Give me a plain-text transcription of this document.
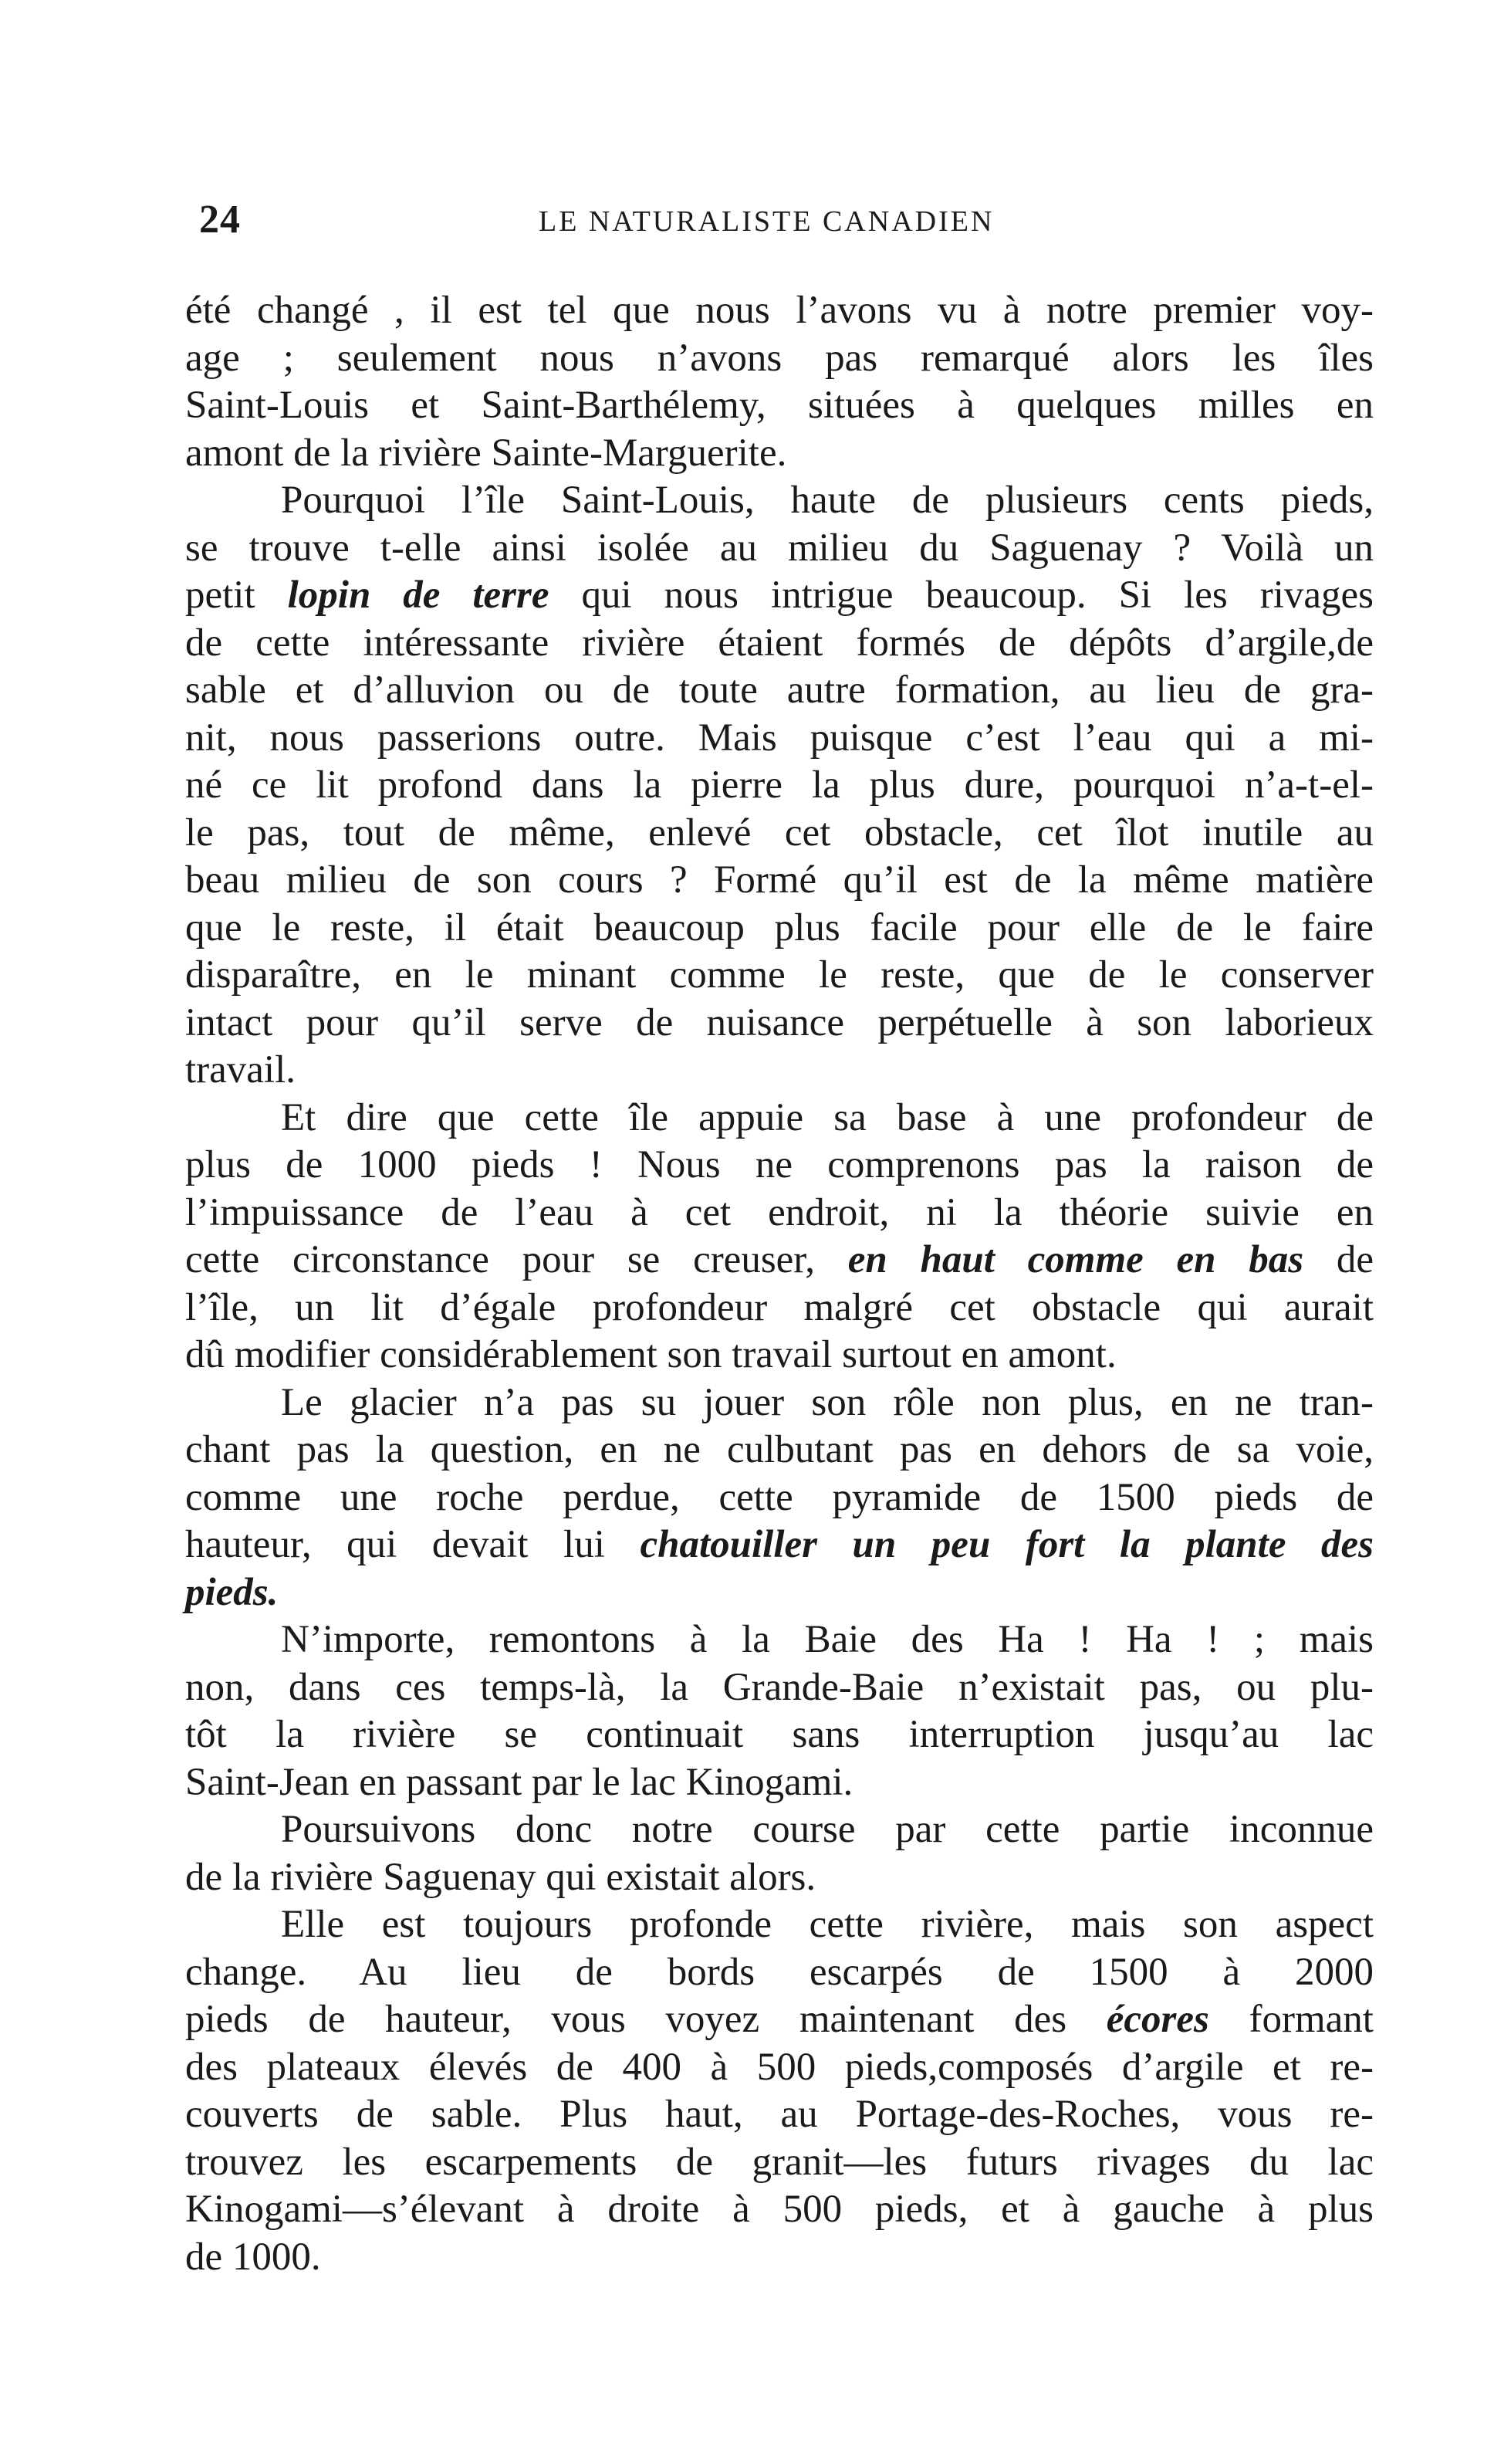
24	LE NATURALISTE CANADIEN
été changé , il est tel que nous l’avons vu à notre premier voy-
age ; seulement nous n’avons pas remarqué alors les îles
Saint-Louis et Saint-Barthélemy, situées à quelques milles en
amont de la rivière Sainte-Marguerite.
Pourquoi l’île Saint-Louis, haute de plusieurs cents pieds,
se trouve t-elle ainsi isolée au milieu du Saguenay ? Voilà un
petit lopin de terre qui nous intrigue beaucoup. Si les rivages
de cette intéressante rivière étaient formés de dépôts d’argile,de
sable et d’alluvion ou de toute autre formation, au lieu de gra-
nit, nous passerions outre. Mais puisque c’est l’eau qui a mi-
né ce lit profond dans la pierre la plus dure, pourquoi n’a-t-el-
le pas, tout de même, enlevé cet obstacle, cet îlot inutile au
beau milieu de son cours ? Formé qu’il est de la même matière
que le reste, il était beaucoup plus facile pour elle de le faire
disparaître, en le minant comme le reste, que de le conserver
intact pour qu’il serve de nuisance perpétuelle à son laborieux
travail.
Et dire que cette île appuie sa base à une profondeur de
plus de 1000 pieds ! Nous ne comprenons pas la raison de
l’impuissance de l’eau à cet endroit, ni la théorie suivie en
cette circonstance pour se creuser, en haut comme en bas de
l’île, un lit d’égale profondeur malgré cet obstacle qui aurait
dû modifier considérablement son travail surtout en amont.
Le glacier n’a pas su jouer son rôle non plus, en ne tran-
chant pas la question, en ne culbutant pas en dehors de sa voie,
comme une roche perdue, cette pyramide de 1500 pieds de
hauteur, qui devait lui chatouiller un peu fort la plante des
pieds.
N’importe, remontons à la Baie des Ha ! Ha ! ; mais
non, dans ces temps-là, la Grande-Baie n’existait pas, ou plu-
tôt la rivière se continuait sans interruption jusqu’au lac
Saint-Jean en passant par le lac Kinogami.
Poursuivons donc notre course par cette partie inconnue
de la rivière Saguenay qui existait alors.
Elle est toujours profonde cette rivière, mais son aspect
change. Au lieu de bords escarpés de 1500 à 2000
pieds de hauteur, vous voyez maintenant des écores formant
des plateaux élevés de 400 à 500 pieds,composés d’argile et re-
couverts de sable. Plus haut, au Portage-des-Roches, vous re-
trouvez les escarpements de granit—les futurs rivages du lac
Kinogami—s’élevant à droite à 500 pieds, et à gauche à plus
de 1000.
